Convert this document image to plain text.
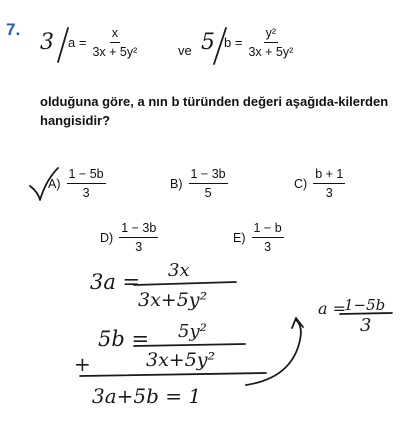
7.
3	5
$a = \frac{x}{\text{3x + 5y²}}$	ve
$b = \frac{\text{y²}}{\text{3x + 5y²}}$
olduğuna göre, a nın b türünden değeri aşağıda-kilerden hangisidir?
$A) \frac{1 - 5b}{3}$	$B) \frac{1 - 3b}{5}$	$C) \frac{b + 1}{3}$
$D) \frac{1 - 3b}{3}$	$E) \frac{1 - b}{3}$
3a = 3x
3x+5y²
5b = 5y²
3x+5y²
+
3a+5b = 1
a =
1−5b
3
